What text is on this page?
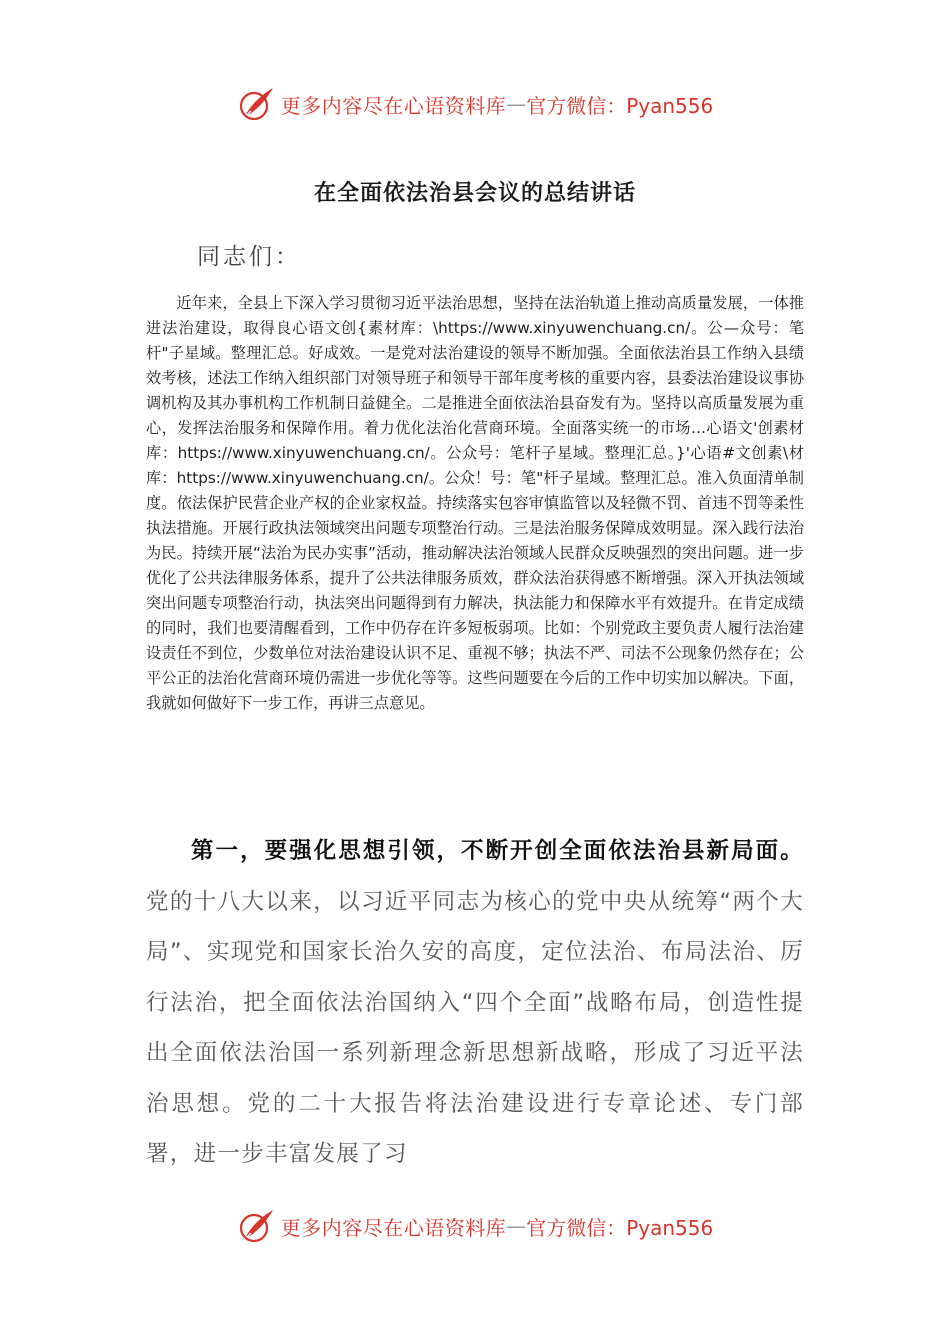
更多内容尽在心语资料库 — 官方微信：Pyan556
在全面依法治县会议的总结讲话
同志们：

近年来，全县上下深入学习贯彻习近平法治思想，坚持在法治轨道上推动高质量发展，一体推进法治建设，取得良心语文创{素材库：\https://www.xinyuwenchuang.cn/。公—众号：笔杆"子星域。整理汇总。好成效。一是党对法治建设的领导不断加强。全面依法治县工作纳入县绩效考核，述法工作纳入组织部门对领导班子和领导干部年度考核的重要内容，县委法治建设议事协调机构及其办事机构工作机制日益健全。二是推进全面依法治县奋发有为。坚持以高质量发展为重心，发挥法治服务和保障作用。着力优化法治化营商环境。全面落实统一的市场…心语文'创素材库：https://www.xinyuwenchuang.cn/。公众号：笔杆子星域。整理汇总。}'心语#文创素\材库：https://www.xinyuwenchuang.cn/。公众！号：笔"杆子星域。整理汇总。准入负面清单制度。依法保护民营企业产权的企业家权益。持续落实包容审慎监管以及轻微不罚、首违不罚等柔性执法措施。开展行政执法领域突出问题专项整治行动。三是法治服务保障成效明显。深入践行法治为民。持续开展“法治为民办实事”活动，推动解决法治领域人民群众反映强烈的突出问题。进一步优化了公共法律服务体系，提升了公共法律服务质效，群众法治获得感不断增强。深入开执法领域突出问题专项整治行动，执法突出问题得到有力解决，执法能力和保障水平有效提升。在肯定成绩的同时，我们也要清醒看到，工作中仍存在许多短板弱项。比如：个别党政主要负责人履行法治建设责任不到位，少数单位对法治建设认识不足、重视不够；执法不严、司法不公现象仍然存在；公平公正的法治化营商环境仍需进一步优化等等。这些问题要在今后的工作中切实加以解决。下面，我就如何做好下一步工作，再讲三点意见。

第一，要强化思想引领，不断开创全面依法治县新局面。党的十八大以来，以习近平同志为核心的党中央从统筹“两个大局”、实现党和国家长治久安的高度，定位法治、布局法治、厉行法治，把全面依法治国纳入“四个全面”战略布局，创造性提出全面依法治国一系列新理念新思想新战略，形成了习近平法治思想。党的二十大报告将法治建设进行专章论述、专门部署，进一步丰富发展了习

更多内容尽在心语资料库 — 官方微信：Pyan556
